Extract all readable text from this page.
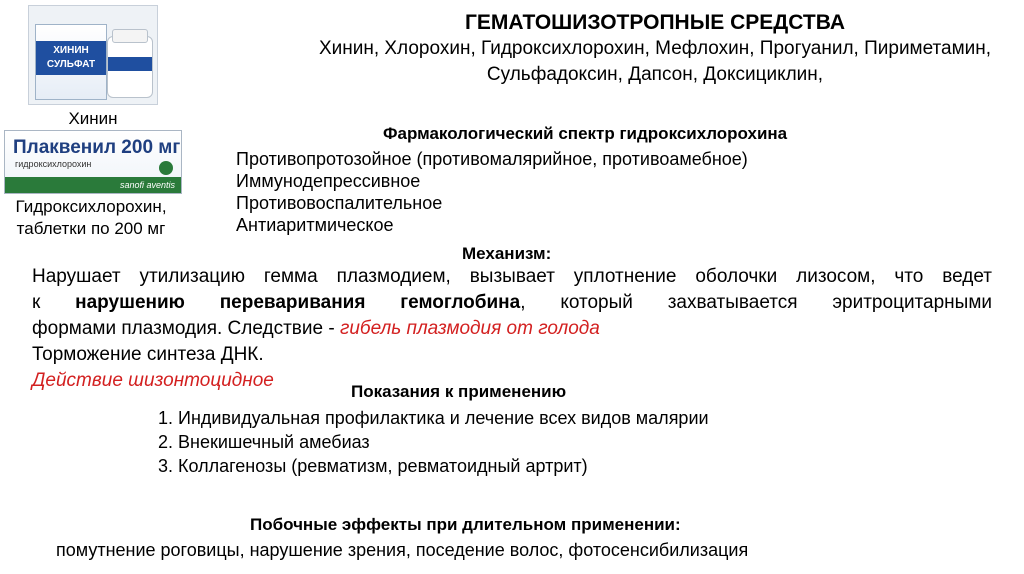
ГЕМАТОШИЗОТРОПНЫЕ СРЕДСТВА
Хинин, Хлорохин, Гидроксихлорохин, Мефлохин, Прогуанил, Пириметамин,
Сульфадоксин, Дапсон, Доксициклин,
ХИНИН СУЛЬФАТ
Хинин
Плаквенил 200 мг
гидроксихлорохин
sanofi aventis
Гидроксихлорохин,
таблетки по 200 мг
Фармакологический спектр гидроксихлорохина
Противопротозойное (противомалярийное, противоамебное)
Иммунодепрессивное
Противовоспалительное
Антиаритмическое
Механизм:
Нарушает утилизацию гемма плазмодием, вызывает уплотнение оболочки лизосом, что ведет
к нарушению переваривания гемоглобина, который захватывается эритроцитарными
формами плазмодия. Следствие - гибель плазмодия от голода
Торможение синтеза ДНК.
Действие шизонтоцидное
Показания к применению
1. Индивидуальная профилактика и лечение всех видов малярии
2. Внекишечный амебиаз
3. Коллагенозы (ревматизм, ревматоидный артрит)
Побочные эффекты при длительном применении:
помутнение роговицы, нарушение зрения, поседение волос, фотосенсибилизация
